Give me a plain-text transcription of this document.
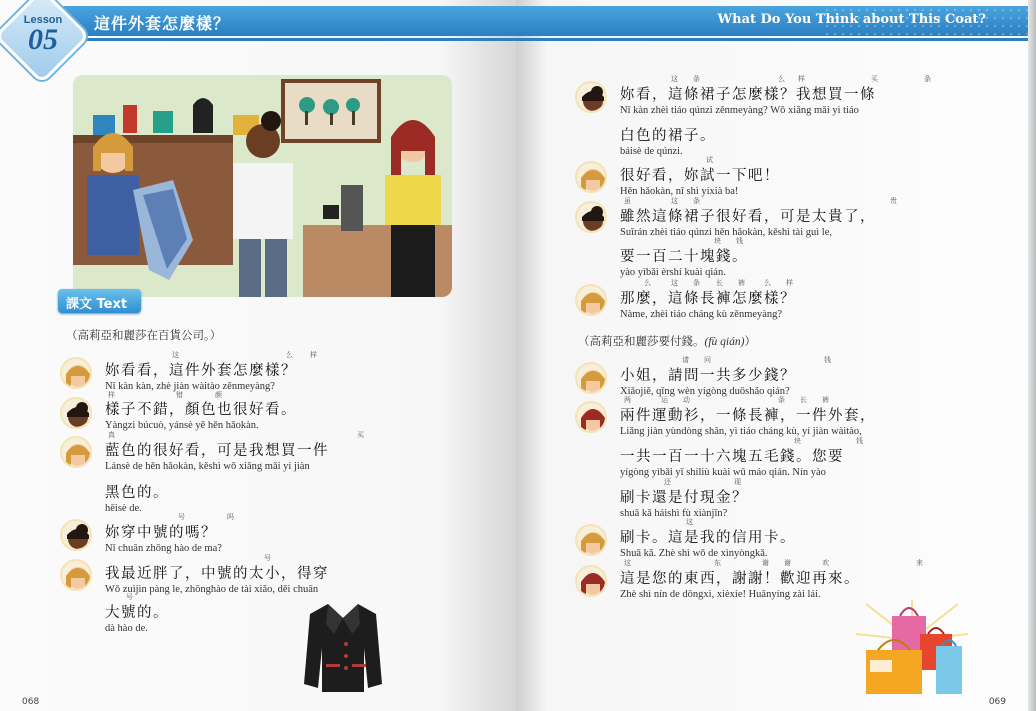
這件外套怎麼樣？
Lesson
05
課文 Text
（高莉亞和麗莎在百貨公司。）
妳看看，這件外套怎麼樣？
Nǐ kàn kàn, zhè jiàn wàitào zěnmeyàng?
樣子不錯，顏色也很好看。
Yàngzi búcuò, yánsè yě hěn hǎokàn.
藍色的很好看，可是我想買一件
Lánsè de hěn hǎokàn, kěshì wǒ xiǎng mǎi yí jiàn
黑色的。
hēisè de.
妳穿中號的嗎？
Nǐ chuān zhōng hào de ma?
我最近胖了，中號的太小，得穿
Wǒ zuìjìn pàng le, zhōnghào de tài xiǎo, děi chuān
大號的。
dà hào de.
这	么 样
样	错	颜
真	买
号	吗
号
号
068
What Do You Think about This Coat?
妳看，這條裙子怎麼樣？我想買一條
Nǐ kàn zhèi tiáo qúnzi zěnmeyàng? Wǒ xiǎng mǎi yì tiáo
白色的裙子。
báisè de qúnzi.
很好看，妳試一下吧！
Hěn hǎokàn, nǐ shì yíxià ba!
雖然這條裙子很好看，可是太貴了，
Suīrán zhèi tiáo qúnzi hěn hǎokàn, kěshì tài guì le,
要一百二十塊錢。
yào yìbǎi èrshí kuài qián.
那麼，這條長褲怎麼樣？
Nàme, zhèi tiáo cháng kù zěnmeyàng?
（高莉亞和麗莎要付錢。(fù qián)）
小姐，請問一共多少錢？
Xiǎojiě, qǐng wèn yígòng duōshǎo qián?
兩件運動衫，一條長褲，一件外套，
Liǎng jiàn yùndòng shān, yì tiáo cháng kù, yí jiàn wàitào,
一共一百一十六塊五毛錢。您要
yígòng yìbǎi yī shíliù kuài wǔ máo qián. Nín yào
刷卡還是付現金？
shuā kǎ háishì fù xiànjīn?
刷卡。這是我的信用卡。
Shuā kǎ. Zhè shì wǒ de xìnyòngkǎ.
這是您的東西，謝謝！歡迎再來。
Zhè shì nín de dōngxi, xièxie! Huānyíng zài lái.
这 条	么 样	买	条
试
虽	这 条	贵
块 钱
么	这 条 长 裤	么 样
请 问	钱
两	运 动	条 长 裤
块	钱
还	现
这
这	东	谢 谢	欢	来
069
